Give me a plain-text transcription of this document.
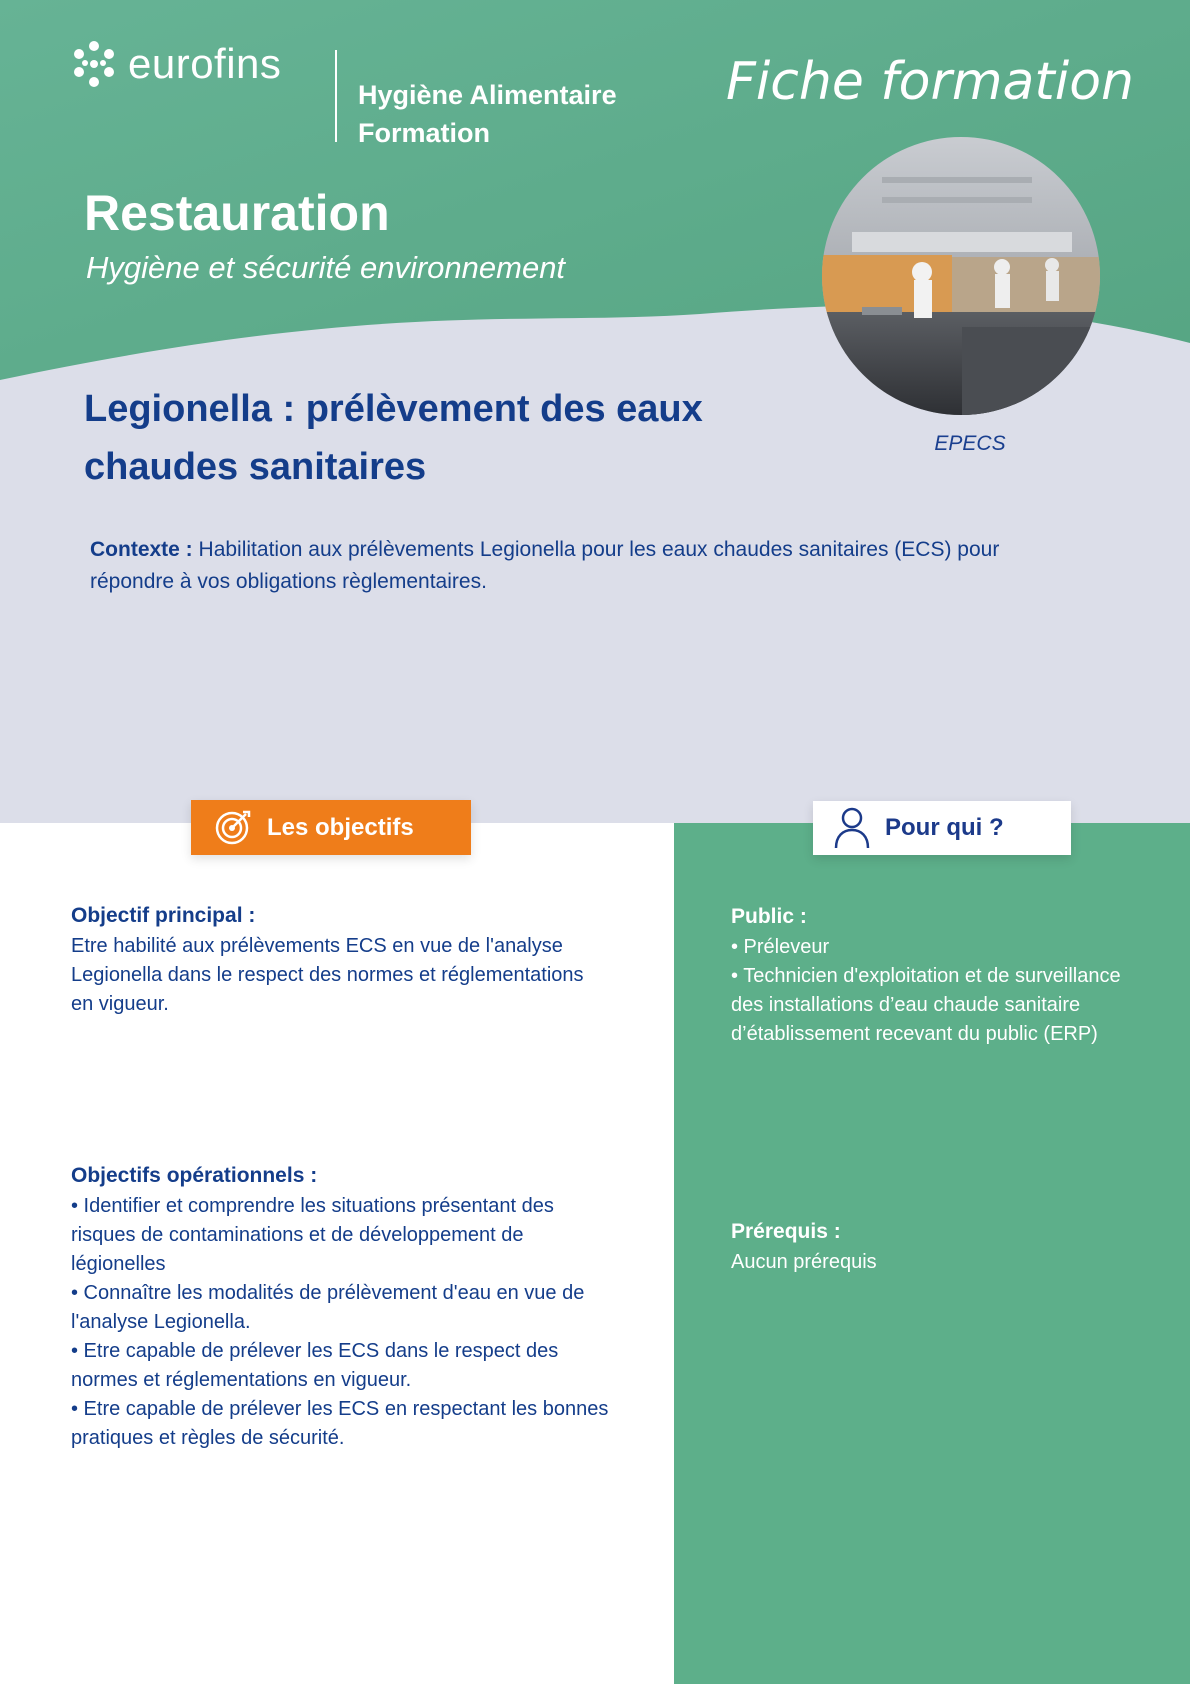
eurofins
Hygiène Alimentaire
Formation
Fiche formation
Restauration
Hygiène et sécurité environnement
EPECS
Legionella : prélèvement des eaux chaudes sanitaires
Contexte : Habilitation aux prélèvements Legionella pour les eaux chaudes sanitaires (ECS) pour répondre à vos obligations règlementaires.
Les objectifs	Pour qui ?
Objectif principal :
Etre habilité aux prélèvements ECS en vue de l'analyse Legionella dans le respect des normes et réglementations en vigueur.
Objectifs opérationnels :
• Identifier et comprendre les situations présentant des risques de contaminations et de développement de légionelles
• Connaître les modalités de prélèvement d'eau en vue de l'analyse Legionella.
• Etre capable de prélever les ECS dans le respect des normes et réglementations en vigueur.
• Etre capable de prélever les ECS en respectant les bonnes pratiques et règles de sécurité.
Public :
• Préleveur
• Technicien d'exploitation et de surveillance des installations d’eau chaude sanitaire d’établissement recevant du public (ERP)
Prérequis :
Aucun prérequis
